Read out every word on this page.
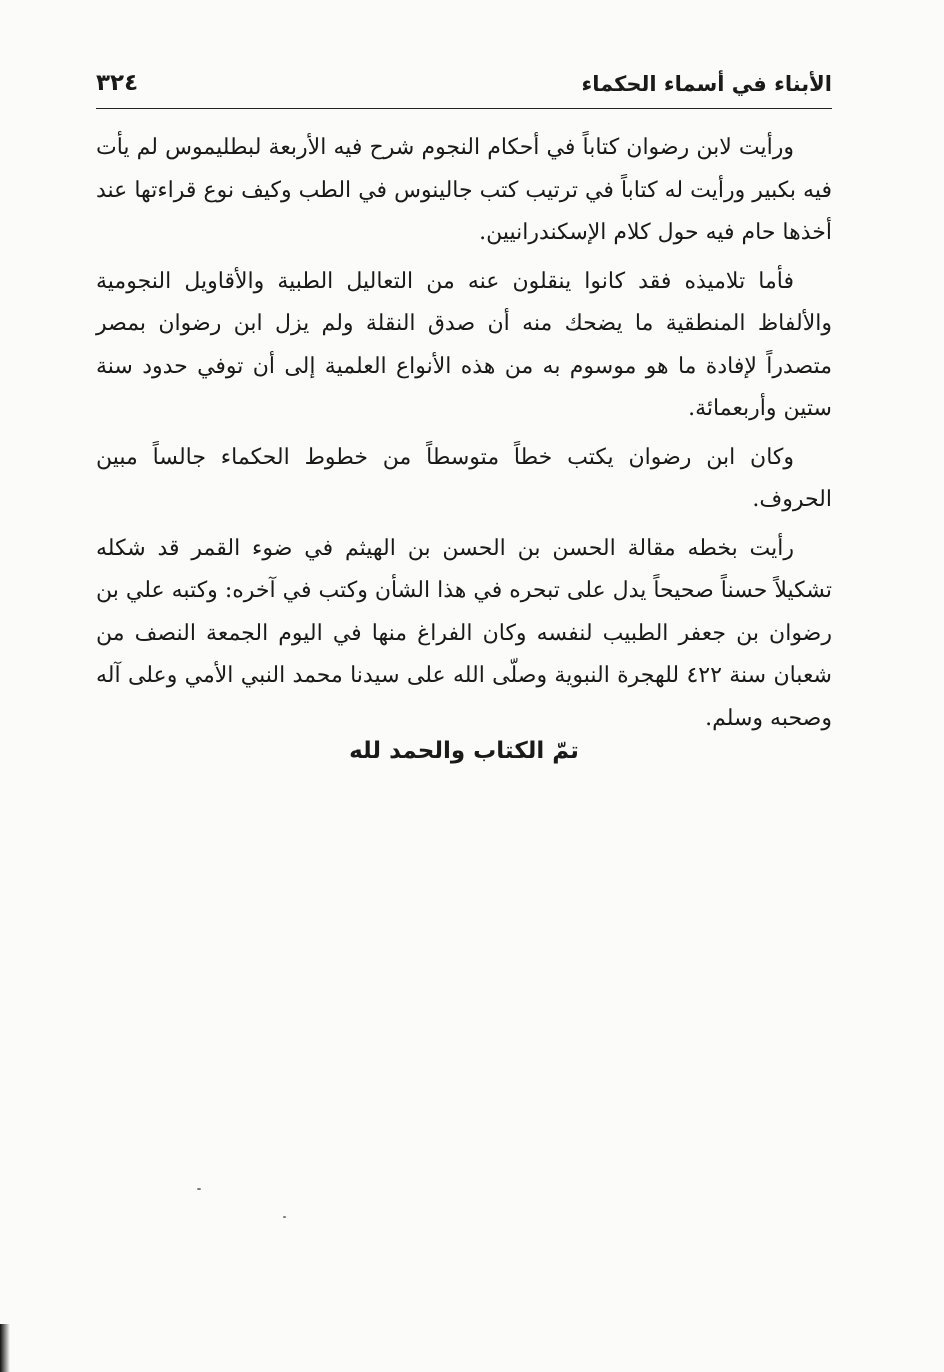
الأبناء في أسماء الحكماء
٣٢٤

ورأيت لابن رضوان كتاباً في أحكام النجوم شرح فيه الأربعة لبطليموس لم يأت فيه بكبير ورأيت له كتاباً في ترتيب كتب جالينوس في الطب وكيف نوع قراءتها عند أخذها حام فيه حول كلام الإسكندرانيين.

فأما تلاميذه فقد كانوا ينقلون عنه من التعاليل الطبية والأقاويل النجومية والألفاظ المنطقية ما يضحك منه أن صدق النقلة ولم يزل ابن رضوان بمصر متصدراً لإفادة ما هو موسوم به من هذه الأنواع العلمية إلى أن توفي حدود سنة ستين وأربعمائة.

وكان ابن رضوان يكتب خطاً متوسطاً من خطوط الحكماء جالساً مبين الحروف.

رأيت بخطه مقالة الحسن بن الحسن بن الهيثم في ضوء القمر قد شكله تشكيلاً حسناً صحيحاً يدل على تبحره في هذا الشأن وكتب في آخره: وكتبه علي بن رضوان بن جعفر الطبيب لنفسه وكان الفراغ منها في اليوم الجمعة النصف من شعبان سنة ٤٢٢ للهجرة النبوية وصلّى الله على سيدنا محمد النبي الأمي وعلى آله وصحبه وسلم.

تمّ الكتاب والحمد لله
